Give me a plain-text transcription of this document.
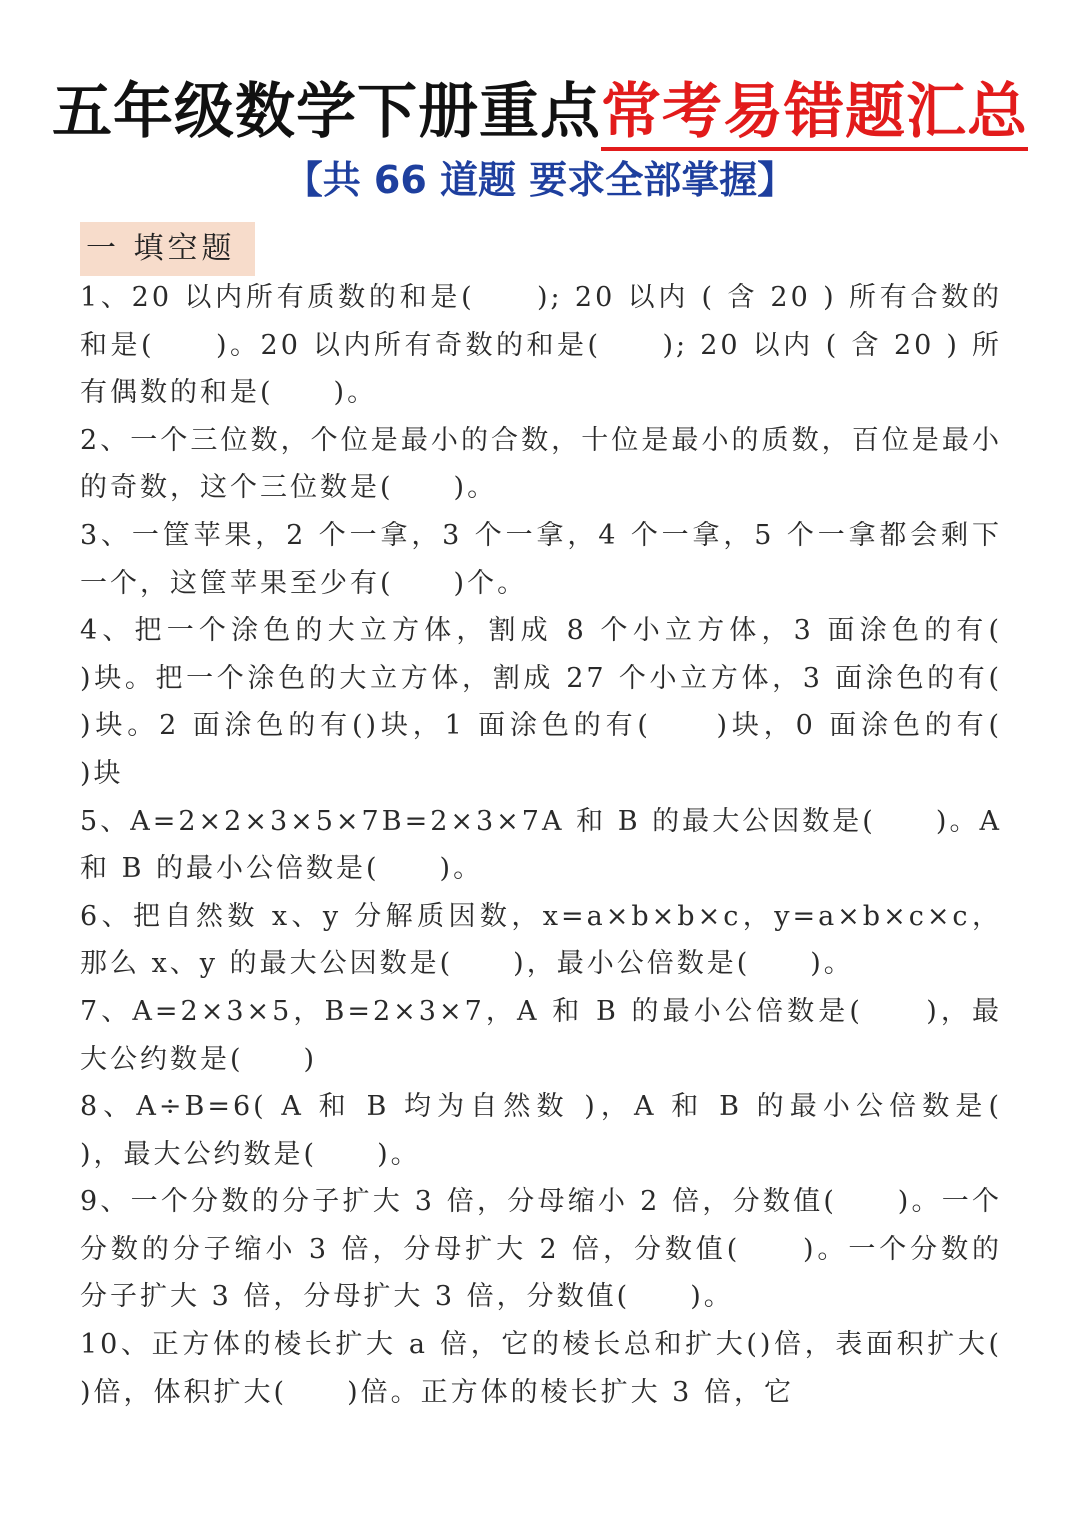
五年级数学下册重点常考易错题汇总
【共 66 道题 要求全部掌握】
一 填空题
1、20 以内所有质数的和是(　　); 20 以内 ( 含 20 ) 所有合数的和是(　　)。20 以内所有奇数的和是(　　); 20 以内 ( 含 20 ) 所有偶数的和是(　　)。
2、一个三位数，个位是最小的合数，十位是最小的质数，百位是最小的奇数，这个三位数是(　　)。
3、一筐苹果，2 个一拿，3 个一拿，4 个一拿，5 个一拿都会剩下一个，这筐苹果至少有(　　)个。
4、把一个涂色的大立方体，割成 8 个小立方体，3 面涂色的有(　　)块。把一个涂色的大立方体，割成 27 个小立方体，3 面涂色的有(　　)块。2 面涂色的有()块，1 面涂色的有(　　)块，0 面涂色的有(　　)块
5、A=2×2×3×5×7B=2×3×7A 和 B 的最大公因数是(　　)。A 和 B 的最小公倍数是(　　)。
6、把自然数 x、y 分解质因数，x=a×b×b×c，y=a×b×c×c，那么 x、y 的最大公因数是(　　)，最小公倍数是(　　)。
7、A=2×3×5，B=2×3×7，A 和 B 的最小公倍数是(　　)，最大公约数是(　　)
8、A÷B=6( A 和 B 均为自然数 )，A 和 B 的最小公倍数是(　　)，最大公约数是(　　)。
9、一个分数的分子扩大 3 倍，分母缩小 2 倍，分数值(　　)。一个分数的分子缩小 3 倍，分母扩大 2 倍，分数值(　　)。一个分数的分子扩大 3 倍，分母扩大 3 倍，分数值(　　)。
10、正方体的棱长扩大 a 倍，它的棱长总和扩大()倍，表面积扩大(　　)倍，体积扩大(　　)倍。正方体的棱长扩大 3 倍，它
